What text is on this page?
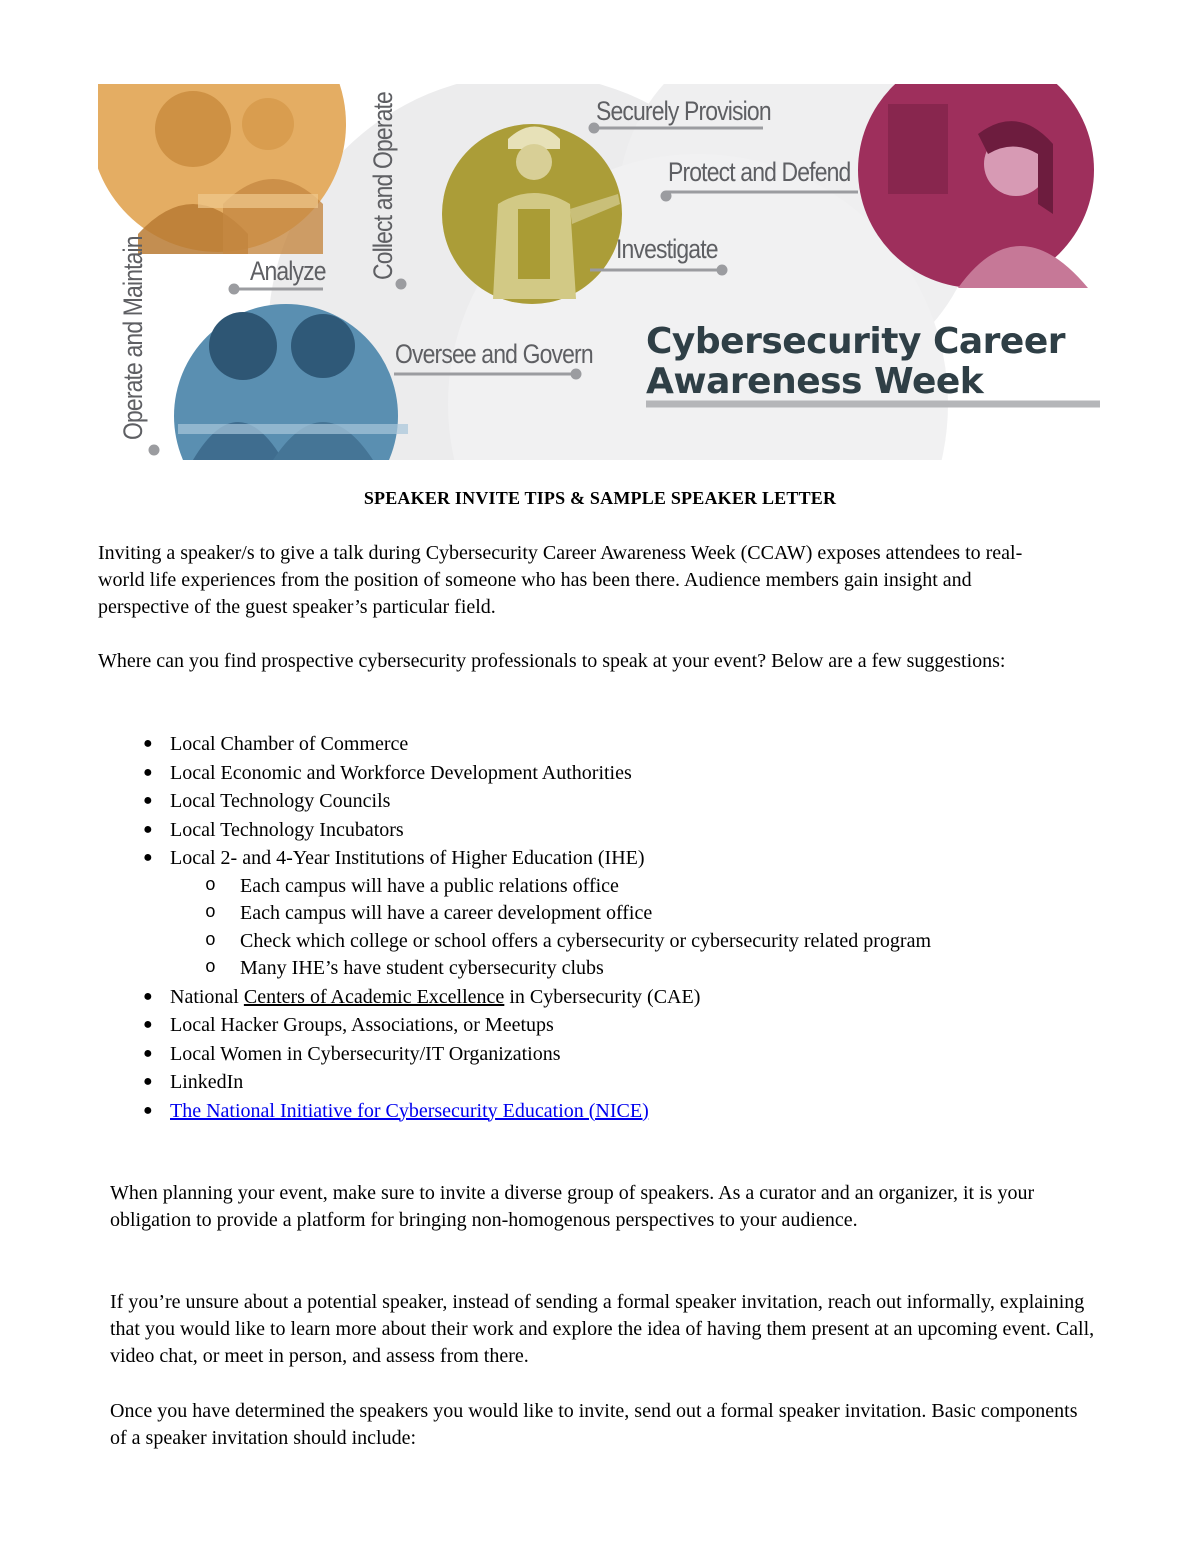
Securely Provision
Protect and Defend
Investigate
Analyze
Oversee and Govern
Collect and Operate
Operate and Maintain	Cybersecurity Career
Awareness Week
SPEAKER INVITE TIPS & SAMPLE SPEAKER LETTER

Inviting a speaker/s to give a talk during Cybersecurity Career Awareness Week (CCAW) exposes attendees to real-world life experiences from the position of someone who has been there. Audience members gain insight and perspective of the guest speaker’s particular field.

Where can you find prospective cybersecurity professionals to speak at your event? Below are a few suggestions:

● Local Chamber of Commerce
● Local Economic and Workforce Development Authorities
● Local Technology Councils
● Local Technology Incubators
● Local 2- and 4-Year Institutions of Higher Education (IHE)
o Each campus will have a public relations office
o Each campus will have a career development office
o Check which college or school offers a cybersecurity or cybersecurity related program
o Many IHE’s have student cybersecurity clubs
● National Centers of Academic Excellence in Cybersecurity (CAE)
● Local Hacker Groups, Associations, or Meetups
● Local Women in Cybersecurity/IT Organizations
● LinkedIn
● The National Initiative for Cybersecurity Education (NICE)

When planning your event, make sure to invite a diverse group of speakers. As a curator and an organizer, it is your obligation to provide a platform for bringing non-homogenous perspectives to your audience.

If you’re unsure about a potential speaker, instead of sending a formal speaker invitation, reach out informally, explaining that you would like to learn more about their work and explore the idea of having them present at an upcoming event. Call, video chat, or meet in person, and assess from there.

Once you have determined the speakers you would like to invite, send out a formal speaker invitation. Basic components of a speaker invitation should include:
